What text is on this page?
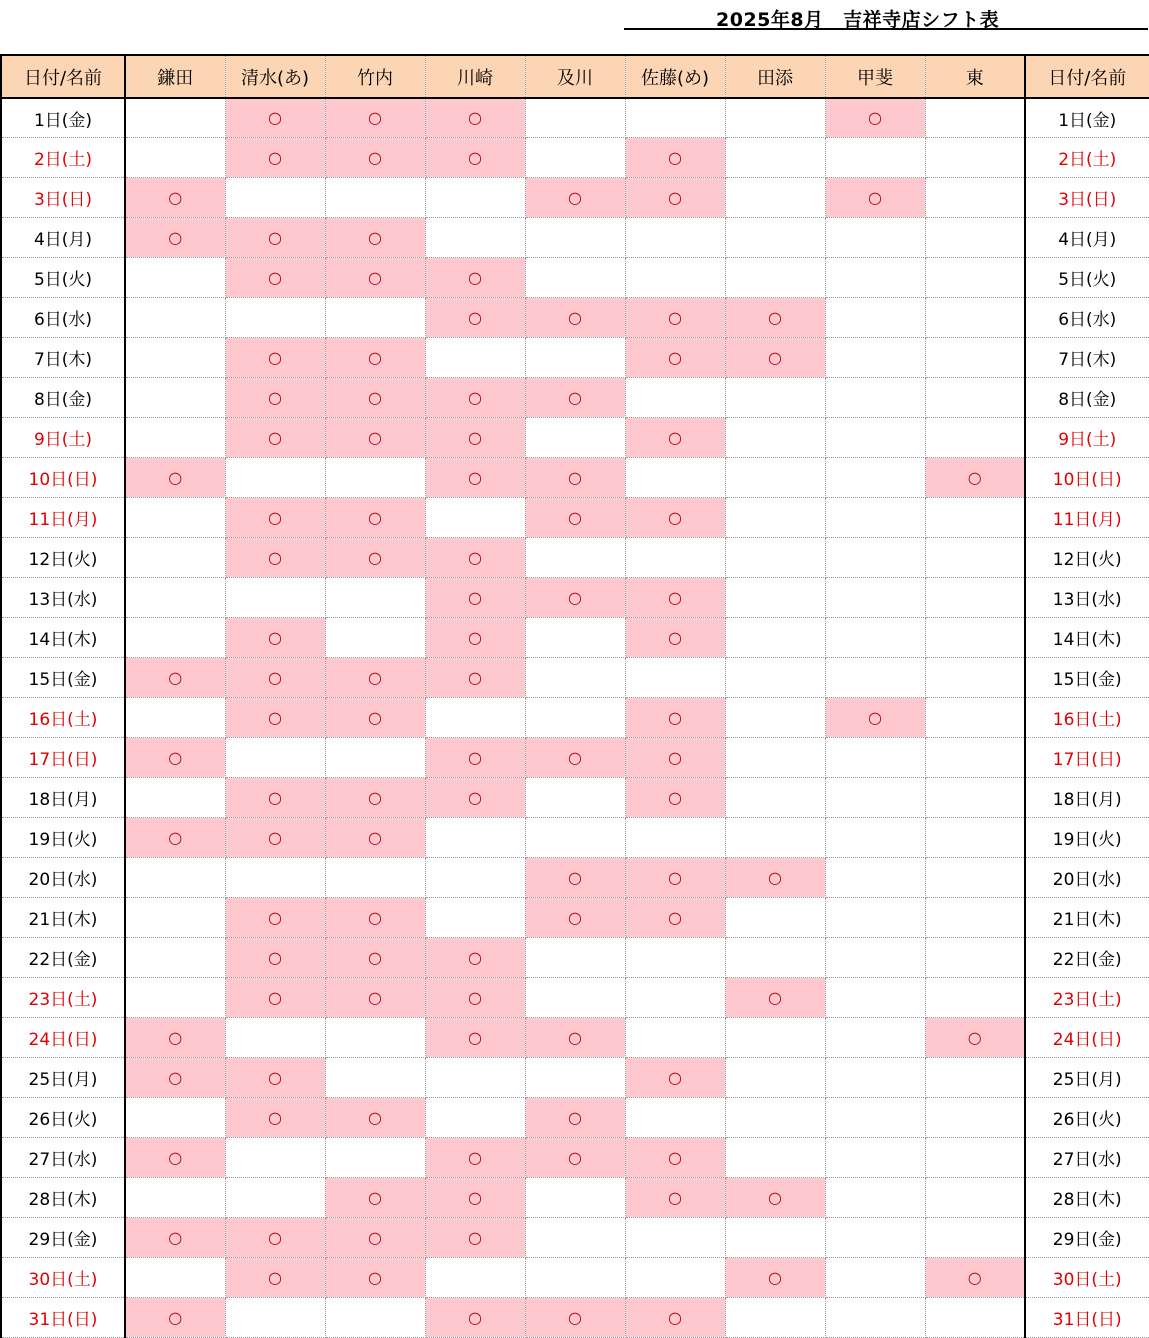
2025年8月　吉祥寺店シフト表
日付/名前	鎌田	清水(あ)	竹内	川崎	及川	佐藤(め)	田添	甲斐	東	日付/名前
1日(金)		○	○	○				○		1日(金)
2日(土)		○	○	○		○				2日(土)
3日(日)	○				○	○		○		3日(日)
4日(月)	○	○	○							4日(月)
5日(火)		○	○	○						5日(火)
6日(水)				○	○	○	○			6日(水)
7日(木)		○	○			○	○			7日(木)
8日(金)		○	○	○	○					8日(金)
9日(土)		○	○	○		○				9日(土)
10日(日)	○			○	○				○	10日(日)
11日(月)		○	○		○	○				11日(月)
12日(火)		○	○	○						12日(火)
13日(水)				○	○	○				13日(水)
14日(木)		○		○		○				14日(木)
15日(金)	○	○	○	○						15日(金)
16日(土)		○	○			○		○		16日(土)
17日(日)	○			○	○	○				17日(日)
18日(月)		○	○	○		○				18日(月)
19日(火)	○	○	○							19日(火)
20日(水)					○	○	○			20日(水)
21日(木)		○	○		○	○				21日(木)
22日(金)		○	○	○						22日(金)
23日(土)		○	○	○			○			23日(土)
24日(日)	○			○	○				○	24日(日)
25日(月)	○	○				○				25日(月)
26日(火)		○	○		○					26日(火)
27日(水)	○			○	○	○				27日(水)
28日(木)			○	○		○	○			28日(木)
29日(金)	○	○	○	○						29日(金)
30日(土)		○	○				○		○	30日(土)
31日(日)	○			○	○	○				31日(日)
